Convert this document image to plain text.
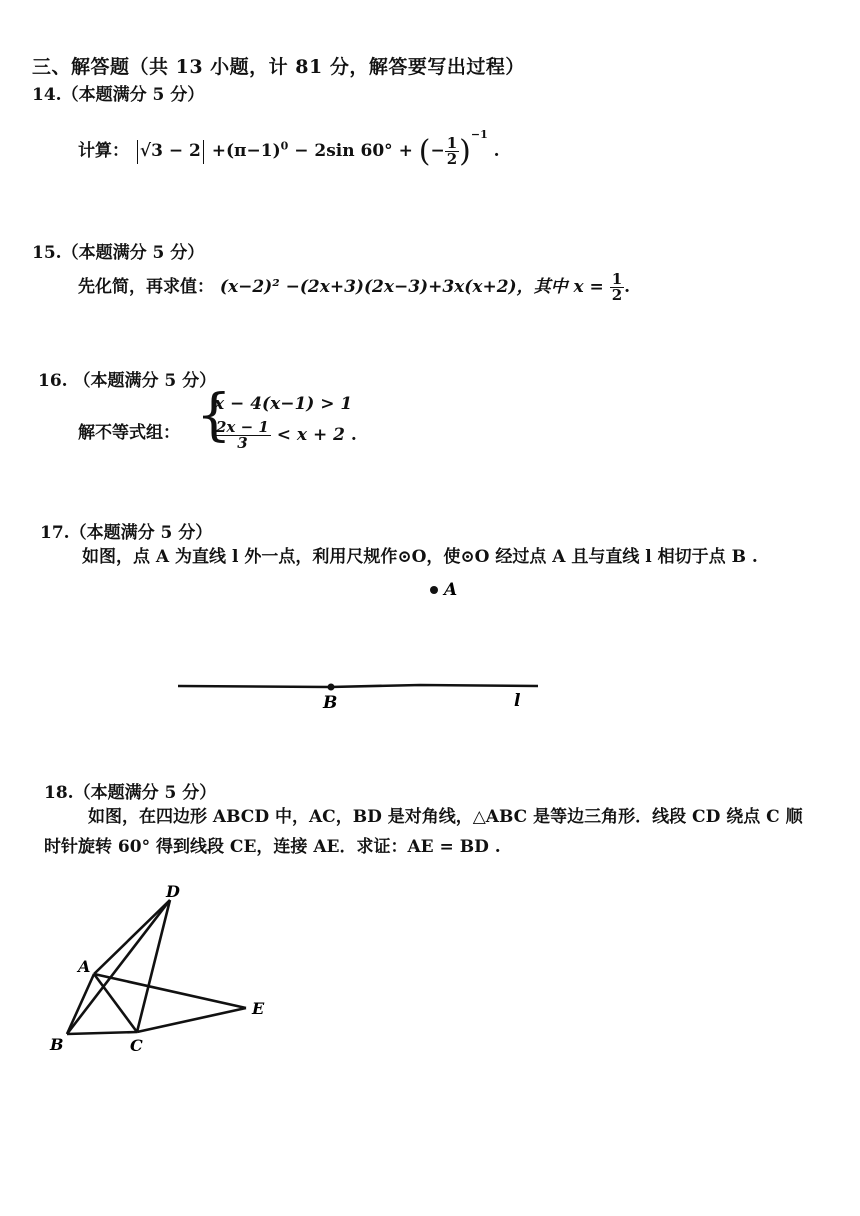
三、解答题（共 13 小题，计 81 分，解答要写出过程）
14.（本题满分 5 分）
计算： $√3 - 2 +(\pi-1)^0 - 2\sin$ 60° + (− $\frac{1}{2} )^{-1}$ .
15.（本题满分 5 分）
先化简，再求值： (x−2)² −(2x+3)(2x−3)+3x(x+2)，其中 $x = \frac{1}{2}$ .
16. （本题满分 5 分）
解不等式组： {
x − 4(x−1) > 1
$\frac{2x - 1}{3} < x + 2$ .
17.（本题满分 5 分）
如图，点 A 为直线 l 外一点，利用尺规作⊙O，使⊙O 经过点 A 且与直线 l 相切于点 B .
A
B	l
18.（本题满分 5 分）
如图，在四边形 ABCD 中，AC，BD 是对角线，△ABC 是等边三角形．线段 CD 绕点 C 顺
时针旋转 60° 得到线段 CE，连接 AE．求证：AE = BD .
A
B	C
D
E
